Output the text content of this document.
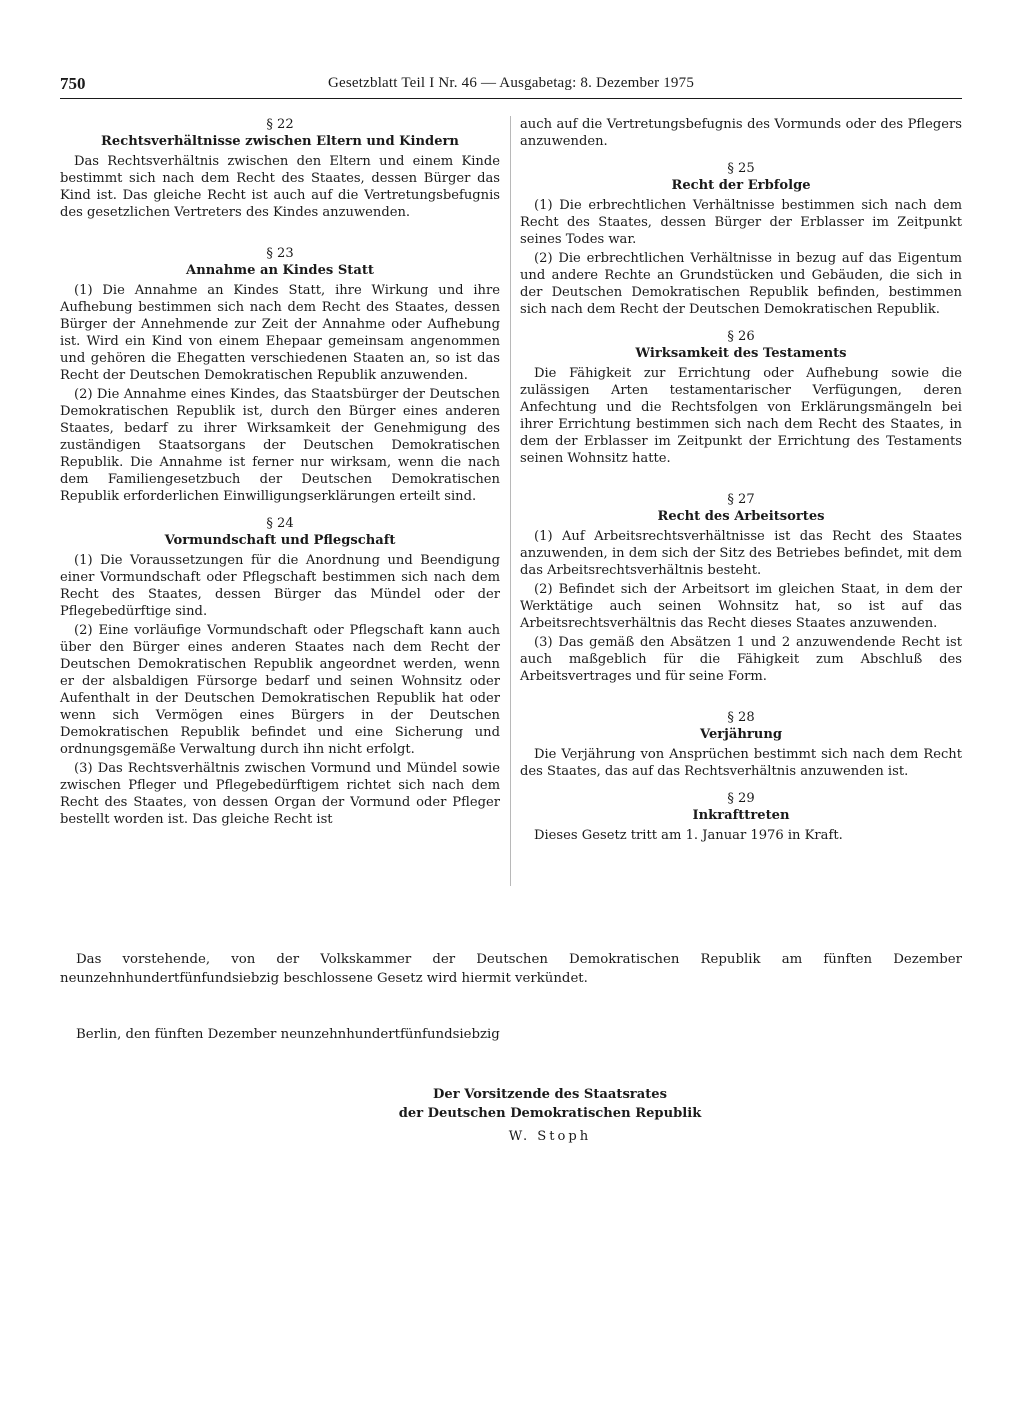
750	Gesetzblatt Teil I Nr. 46 — Ausgabetag: 8. Dezember 1975

§ 22

Rechtsverhältnisse zwischen Eltern und Kindern

Das Rechtsverhältnis zwischen den Eltern und einem Kinde bestimmt sich nach dem Recht des Staates, dessen Bürger das Kind ist. Das gleiche Recht ist auch auf die Vertretungsbefugnis des gesetzlichen Vertreters des Kindes anzuwenden.

§ 23

Annahme an Kindes Statt

(1) Die Annahme an Kindes Statt, ihre Wirkung und ihre Aufhebung bestimmen sich nach dem Recht des Staates, dessen Bürger der Annehmende zur Zeit der Annahme oder Aufhebung ist. Wird ein Kind von einem Ehepaar gemeinsam angenommen und gehören die Ehegatten verschiedenen Staaten an, so ist das Recht der Deutschen Demokratischen Republik anzuwenden.

(2) Die Annahme eines Kindes, das Staatsbürger der Deutschen Demokratischen Republik ist, durch den Bürger eines anderen Staates, bedarf zu ihrer Wirksamkeit der Genehmigung des zuständigen Staatsorgans der Deutschen Demokratischen Republik. Die Annahme ist ferner nur wirksam, wenn die nach dem Familiengesetzbuch der Deutschen Demokratischen Republik erforderlichen Einwilligungserklärungen erteilt sind.

§ 24

Vormundschaft und Pflegschaft

(1) Die Voraussetzungen für die Anordnung und Beendigung einer Vormundschaft oder Pflegschaft bestimmen sich nach dem Recht des Staates, dessen Bürger das Mündel oder der Pflegebedürftige sind.

(2) Eine vorläufige Vormundschaft oder Pflegschaft kann auch über den Bürger eines anderen Staates nach dem Recht der Deutschen Demokratischen Republik angeordnet werden, wenn er der alsbaldigen Fürsorge bedarf und seinen Wohnsitz oder Aufenthalt in der Deutschen Demokratischen Republik hat oder wenn sich Vermögen eines Bürgers in der Deutschen Demokratischen Republik befindet und eine Sicherung und ordnungsgemäße Verwaltung durch ihn nicht erfolgt.

(3) Das Rechtsverhältnis zwischen Vormund und Mündel sowie zwischen Pfleger und Pflegebedürftigem richtet sich nach dem Recht des Staates, von dessen Organ der Vormund oder Pfleger bestellt worden ist. Das gleiche Recht ist

auch auf die Vertretungsbefugnis des Vormunds oder des Pflegers anzuwenden.

§ 25

Recht der Erbfolge

(1) Die erbrechtlichen Verhältnisse bestimmen sich nach dem Recht des Staates, dessen Bürger der Erblasser im Zeitpunkt seines Todes war.

(2) Die erbrechtlichen Verhältnisse in bezug auf das Eigentum und andere Rechte an Grundstücken und Gebäuden, die sich in der Deutschen Demokratischen Republik befinden, bestimmen sich nach dem Recht der Deutschen Demokratischen Republik.

§ 26

Wirksamkeit des Testaments

Die Fähigkeit zur Errichtung oder Aufhebung sowie die zulässigen Arten testamentarischer Verfügungen, deren Anfechtung und die Rechtsfolgen von Erklärungsmängeln bei ihrer Errichtung bestimmen sich nach dem Recht des Staates, in dem der Erblasser im Zeitpunkt der Errichtung des Testaments seinen Wohnsitz hatte.

§ 27

Recht des Arbeitsortes

(1) Auf Arbeitsrechtsverhältnisse ist das Recht des Staates anzuwenden, in dem sich der Sitz des Betriebes befindet, mit dem das Arbeitsrechtsverhältnis besteht.

(2) Befindet sich der Arbeitsort im gleichen Staat, in dem der Werktätige auch seinen Wohnsitz hat, so ist auf das Arbeitsrechtsverhältnis das Recht dieses Staates anzuwenden.

(3) Das gemäß den Absätzen 1 und 2 anzuwendende Recht ist auch maßgeblich für die Fähigkeit zum Abschluß des Arbeitsvertrages und für seine Form.

§ 28

Verjährung

Die Verjährung von Ansprüchen bestimmt sich nach dem Recht des Staates, das auf das Rechtsverhältnis anzuwenden ist.

§ 29

Inkrafttreten

Dieses Gesetz tritt am 1. Januar 1976 in Kraft.

Das vorstehende, von der Volkskammer der Deutschen Demokratischen Republik am fünften Dezember neunzehnhundertfünfundsiebzig beschlossene Gesetz wird hiermit verkündet.

Berlin, den fünften Dezember neunzehnhundertfünfundsiebzig
Der Vorsitzende des Staatsrates
der Deutschen Demokratischen Republik
W. Stoph
